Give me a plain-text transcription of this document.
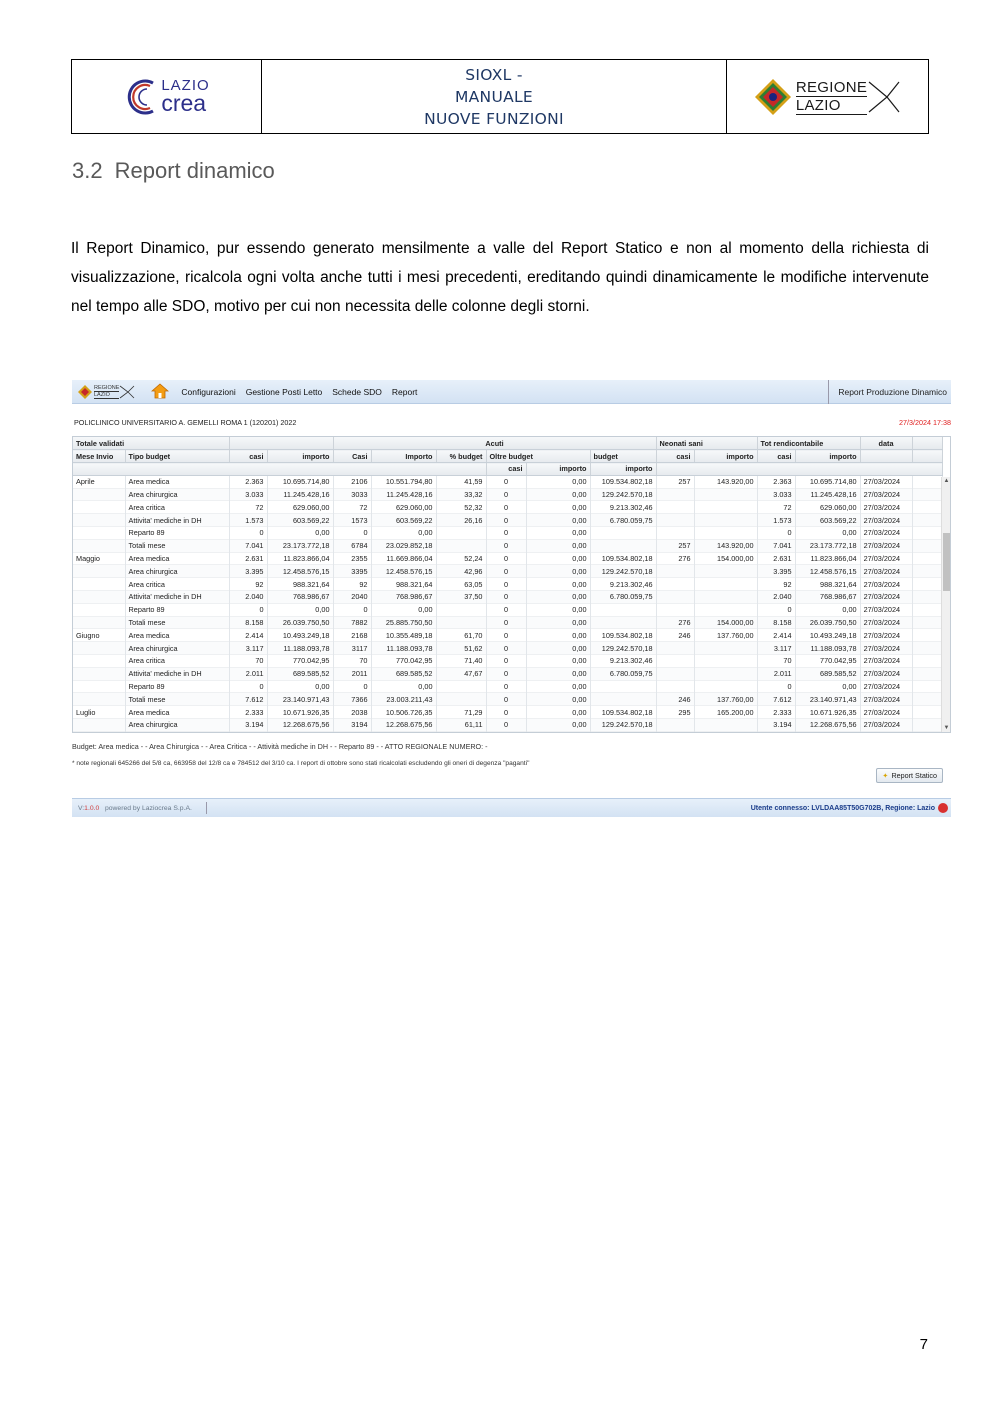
LAZIO
crea
SIOXL -
MANUALE
NUOVE FUNZIONI
REGIONE
LAZIO
3.2 Report dinamico

Il Report Dinamico, pur essendo generato mensilmente a valle del Report Statico e non al momento della richiesta di visualizzazione, ricalcola ogni volta anche tutti i mesi precedenti, ereditando quindi dinamicamente le modifiche intervenute nel tempo alle SDO, motivo per cui non necessita delle colonne degli storni.

REGIONE
LAZIO	Configurazioni Gestione Posti Letto Schede SDO Report	Report Produzione Dinamico
POLICLINICO UNIVERSITARIO A. GEMELLI ROMA 1 (120201) 2022	27/3/2024 17:38
Totale validati				Acuti						Neonati sani		Tot rendicontabile		data	
Mese Invio	Tipo budget	casi	importo	Casi	Importo	% budget	Oltre budget		budget	casi	importo	casi	importo		
							casi	importo	importo						
Aprile	Area medica	2.363	10.695.714,80	2106	10.551.794,80	41,59	0	0,00	109.534.802,18	257	143.920,00	2.363	10.695.714,80	27/03/2024	
	Area chirurgica	3.033	11.245.428,16	3033	11.245.428,16	33,32	0	0,00	129.242.570,18			3.033	11.245.428,16	27/03/2024	
	Area critica	72	629.060,00	72	629.060,00	52,32	0	0,00	9.213.302,46			72	629.060,00	27/03/2024	
	Attivita' mediche in DH	1.573	603.569,22	1573	603.569,22	26,16	0	0,00	6.780.059,75			1.573	603.569,22	27/03/2024	
	Reparto 89	0	0,00	0	0,00		0	0,00				0	0,00	27/03/2024	
	Totali mese	7.041	23.173.772,18	6784	23.029.852,18		0	0,00		257	143.920,00	7.041	23.173.772,18	27/03/2024	
Maggio	Area medica	2.631	11.823.866,04	2355	11.669.866,04	52,24	0	0,00	109.534.802,18	276	154.000,00	2.631	11.823.866,04	27/03/2024	
	Area chirurgica	3.395	12.458.576,15	3395	12.458.576,15	42,96	0	0,00	129.242.570,18			3.395	12.458.576,15	27/03/2024	
	Area critica	92	988.321,64	92	988.321,64	63,05	0	0,00	9.213.302,46			92	988.321,64	27/03/2024	
	Attivita' mediche in DH	2.040	768.986,67	2040	768.986,67	37,50	0	0,00	6.780.059,75			2.040	768.986,67	27/03/2024	
	Reparto 89	0	0,00	0	0,00		0	0,00				0	0,00	27/03/2024	
	Totali mese	8.158	26.039.750,50	7882	25.885.750,50		0	0,00		276	154.000,00	8.158	26.039.750,50	27/03/2024	
Giugno	Area medica	2.414	10.493.249,18	2168	10.355.489,18	61,70	0	0,00	109.534.802,18	246	137.760,00	2.414	10.493.249,18	27/03/2024	
	Area chirurgica	3.117	11.188.093,78	3117	11.188.093,78	51,62	0	0,00	129.242.570,18			3.117	11.188.093,78	27/03/2024	
	Area critica	70	770.042,95	70	770.042,95	71,40	0	0,00	9.213.302,46			70	770.042,95	27/03/2024	
	Attivita' mediche in DH	2.011	689.585,52	2011	689.585,52	47,67	0	0,00	6.780.059,75			2.011	689.585,52	27/03/2024	
	Reparto 89	0	0,00	0	0,00		0	0,00				0	0,00	27/03/2024	
	Totali mese	7.612	23.140.971,43	7366	23.003.211,43		0	0,00		246	137.760,00	7.612	23.140.971,43	27/03/2024	
Luglio	Area medica	2.333	10.671.926,35	2038	10.506.726,35	71,29	0	0,00	109.534.802,18	295	165.200,00	2.333	10.671.926,35	27/03/2024	
	Area chirurgica	3.194	12.268.675,56	3194	12.268.675,56	61,11	0	0,00	129.242.570,18			3.194	12.268.675,56	27/03/2024	
▲
▼
Budget: Area medica - - Area Chirurgica - - Area Critica - - Attività mediche in DH - - Reparto 89 - - ATTO REGIONALE NUMERO: -
* note regionali 645266 del 5/8 ca, 663958 del 12/8 ca e 784512 del 3/10 ca. I report di ottobre sono stati ricalcolati escludendo gli oneri di degenza "paganti"
✦ Report Statico
V:1.0.0 powered by Laziocrea S.p.A.	Utente connesso: LVLDAA85T50G702B, Regione: Lazio
7
